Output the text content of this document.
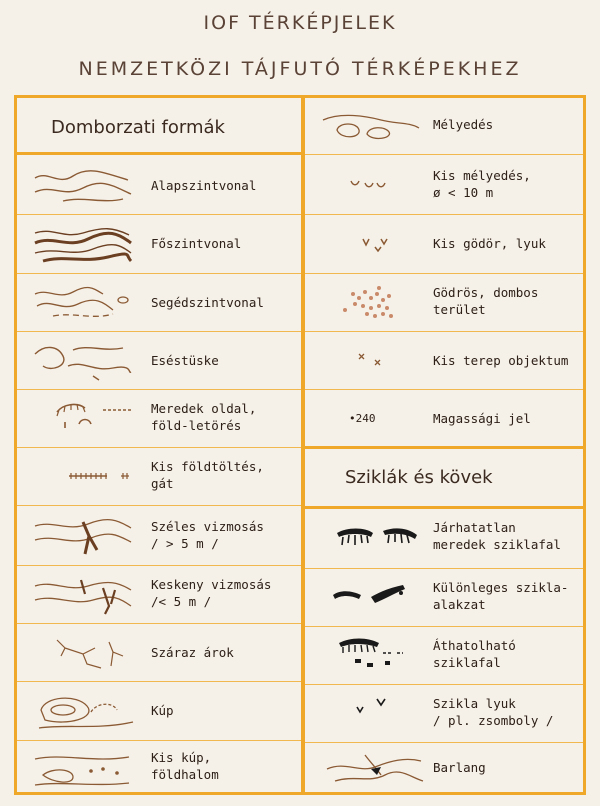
IOF TÉRKÉPJELEK
NEMZETKÖZI TÁJFUTÓ TÉRKÉPEKHEZ
Domborzati formák
Alapszintvonal
Főszintvonal
Segédszintvonal
Eséstüske
Meredek oldal,
föld-letörés
Kis földtöltés,
gát
Széles vizmosás
/ > 5 m /
Keskeny vizmosás
/< 5 m /
Száraz árok
Kúp
Kis kúp,
földhalom
Mélyedés
Kis mélyedés,
ø < 10 m
Kis gödör, lyuk
Gödrös, dombos
terület
Kis terep objektum
•240	Magassági jel
Sziklák és kövek
Járhatatlan
meredek sziklafal
Különleges szikla-
alakzat
Áthatolható
sziklafal
Szikla lyuk
/ pl. zsomboly /
Barlang
